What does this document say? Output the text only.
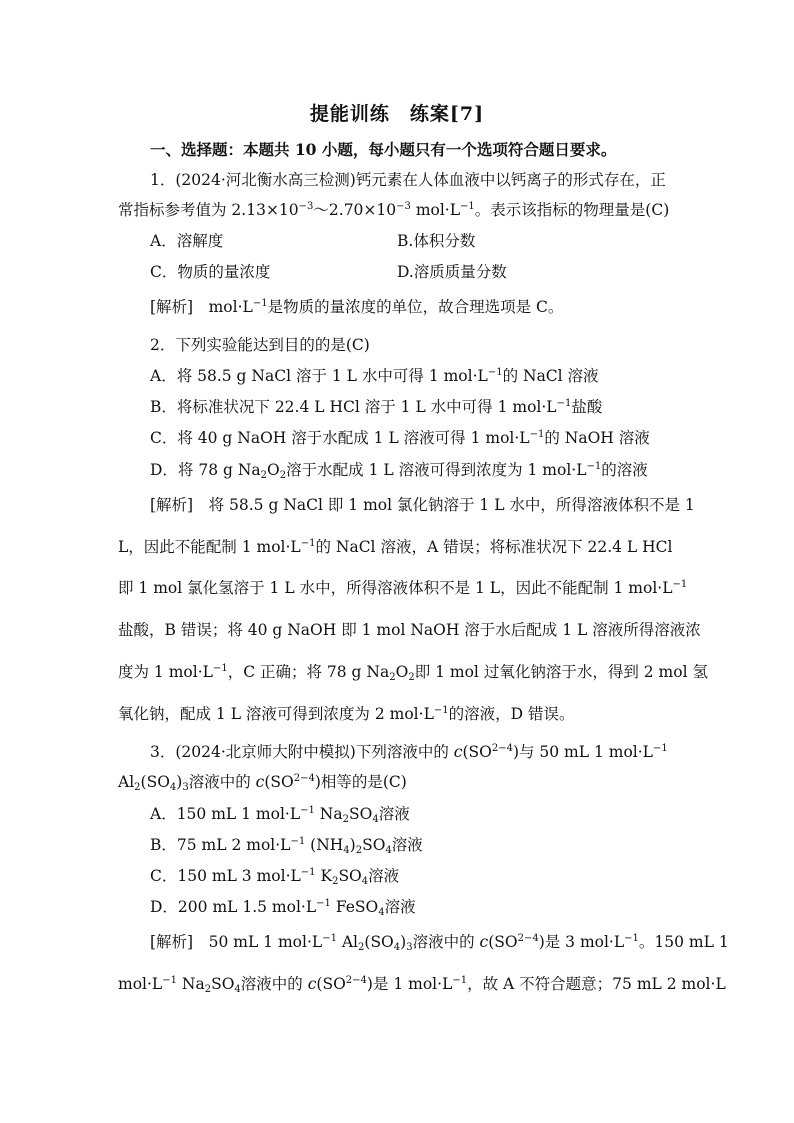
提能训练　练案[7]
一、选择题：本题共 10 小题，每小题只有一个选项符合题日要求。
1．(2024·河北衡水高三检测)钙元素在人体血液中以钙离子的形式存在，正
常指标参考值为 $2.13\times 10^{-3}\sim 2.70\times 10^{-3}$ $mol\cdot L^{-1}$。表示该指标的物理量是(C)
A．溶解度	B.体积分数
C．物质的量浓度	D.溶质质量分数
[解析]　$mol\cdot L^{-1}$是物质的量浓度的单位，故合理选项是 C。
2．下列实验能达到目的的是(C)
A．将 58.5 g NaCl 溶于 1 L 水中可得 1 $mol\cdot L^{-1}$的 NaCl 溶液
B．将标准状况下 22.4 L HCl 溶于 1 L 水中可得 1 $mol\cdot L^{-1}$盐酸
C．将 40 g NaOH 溶于水配成 1 L 溶液可得 1 $mol\cdot L^{-1}$的 NaOH 溶液
D．将 78 g $Na_2O_2$溶于水配成 1 L 溶液可得到浓度为 1 $mol\cdot L^{-1}$的溶液
[解析]　将 58.5 g NaCl 即 1 mol 氯化钠溶于 1 L 水中，所得溶液体积不是 1
L，因此不能配制 1 $mol\cdot L^{-1}$的 NaCl 溶液，A 错误；将标准状况下 22.4 L HCl
即 1 mol 氯化氢溶于 1 L 水中，所得溶液体积不是 1 L，因此不能配制 1 $mol\cdot L^{-1}$
盐酸，B 错误；将 40 g NaOH 即 1 mol NaOH 溶于水后配成 1 L 溶液所得溶液浓
度为 1 $mol\cdot L^{-1}$，C 正确；将 78 g $Na_2O_2$即 1 mol 过氧化钠溶于水，得到 2 mol 氢
氧化钠，配成 1 L 溶液可得到浓度为 2 $mol\cdot L^{-1}$的溶液，D 错误。
3．(2024·北京师大附中模拟)下列溶液中的 $c(SO^{2-4})$与 50 mL 1 $mol\cdot L^{-1}$
$Al_2(SO_4)_3$溶液中的 $c(SO^{2-4})$相等的是(C)
A．150 mL 1 $mol\cdot L^{-1}$ $Na_2SO_4$溶液
B．75 mL 2 $mol\cdot L^{-1}$ $(NH_4)_2SO_4$溶液
C．150 mL 3 $mol\cdot L^{-1}$ $K_2SO_4$溶液
D．200 mL 1.5 $mol\cdot L^{-1}$ FeSO$_4$溶液
[解析]　50 mL 1 $mol\cdot L^{-1}$ $Al_2(SO_4)_3$溶液中的 $c(SO^{2-4})$是 3 $mol\cdot L^{-1}$。150 mL 1
$mol\cdot L^{-1}$ $Na_2SO_4$溶液中的 $c(SO^{2-4})$是 1 $mol\cdot L^{-1}$，故 A 不符合题意；75 mL 2 mol·L
